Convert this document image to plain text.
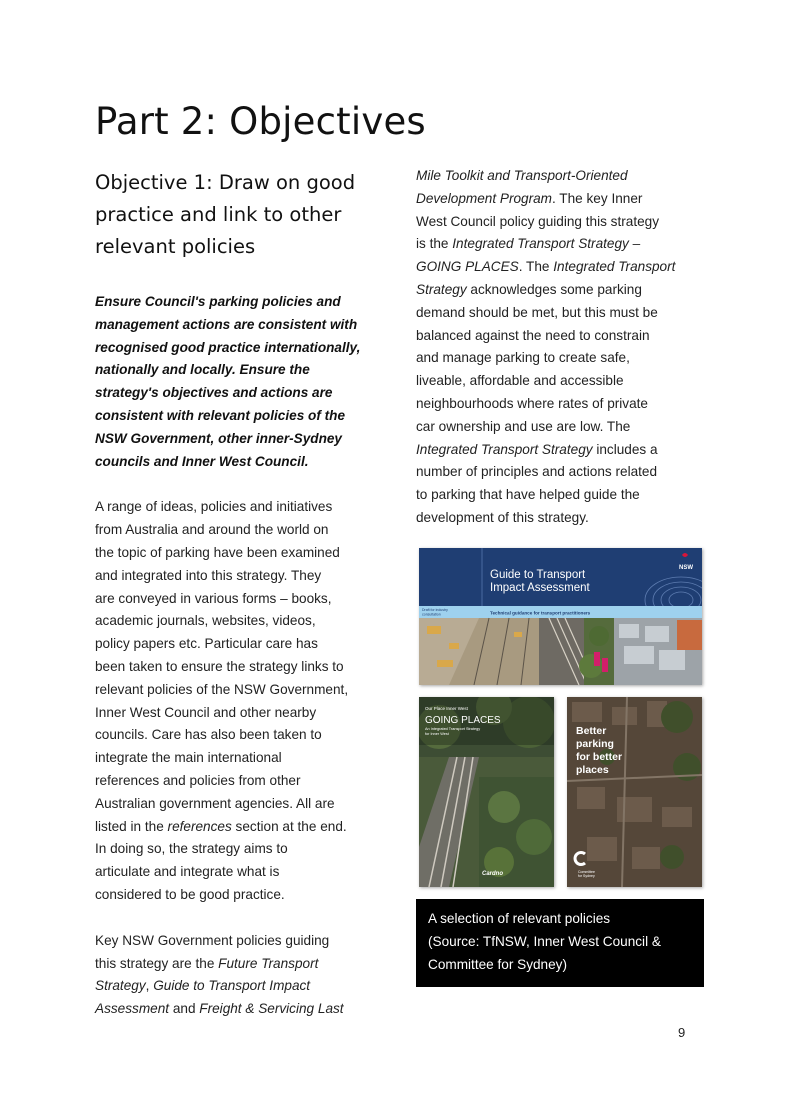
Part 2: Objectives
Objective 1: Draw on good
practice and link to other
relevant policies

Ensure Council's parking policies and
management actions are consistent with
recognised good practice internationally,
nationally and locally. Ensure the
strategy's objectives and actions are
consistent with relevant policies of the
NSW Government, other inner-Sydney
councils and Inner West Council.

A range of ideas, policies and initiatives
from Australia and around the world on
the topic of parking have been examined
and integrated into this strategy. They
are conveyed in various forms – books,
academic journals, websites, videos,
policy papers etc. Particular care has
been taken to ensure the strategy links to
relevant policies of the NSW Government,
Inner West Council and other nearby
councils. Care has also been taken to
integrate the main international
references and policies from other
Australian government agencies. All are
listed in the references section at the end.
In doing so, the strategy aims to
articulate and integrate what is
considered to be good practice.

Key NSW Government policies guiding
this strategy are the Future Transport
Strategy, Guide to Transport Impact
Assessment and Freight & Servicing Last

Mile Toolkit and Transport-Oriented
Development Program. The key Inner
West Council policy guiding this strategy
is the Integrated Transport Strategy –
GOING PLACES. The Integrated Transport
Strategy acknowledges some parking
demand should be met, but this must be
balanced against the need to constrain
and manage parking to create safe,
liveable, affordable and accessible
neighbourhoods where rates of private
car ownership and use are low. The
Integrated Transport Strategy includes a
number of principles and actions related
to parking that have helped guide the
development of this strategy.

Guide to Transport
Impact Assessment
Draft for industry
consultation	Technical guidance for transport practitioners
NSW
Our Place Inner West
GOING PLACES
An Integrated Transport Strategy
for Inner West
Cardno
Better
parking
for better
places
Committee
for Sydney
A selection of relevant policies
(Source: TfNSW, Inner West Council &
Committee for Sydney)
9
